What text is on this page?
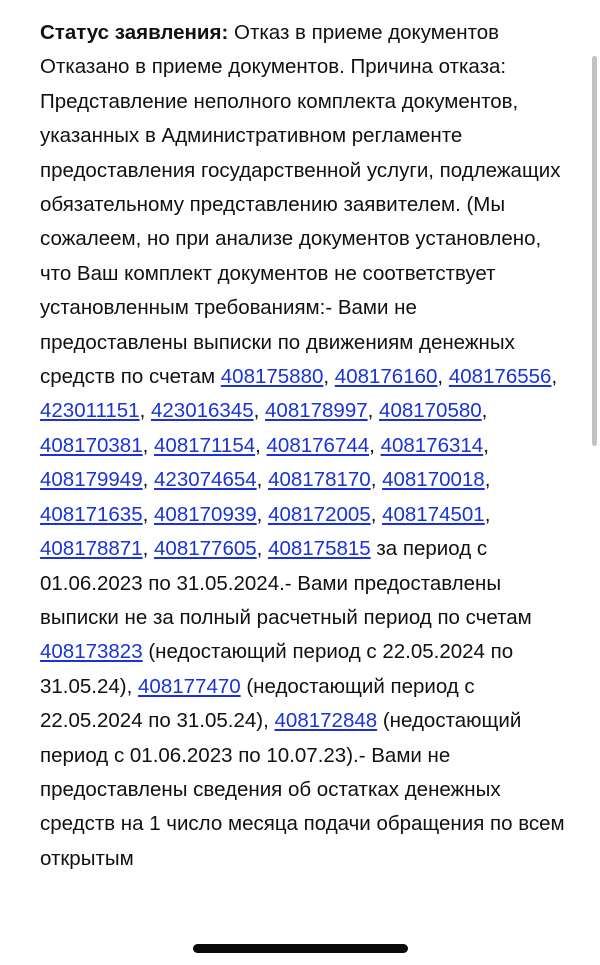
Статус заявления: Отказ в приеме документов Отказано в приеме документов. Причина отказа: Представление неполного комплекта документов, указанных в Административном регламенте предоставления государственной услуги, подлежащих обязательному представлению заявителем. (Мы сожалеем, но при анализе документов установлено, что Ваш комплект документов не соответствует установленным требованиям:- Вами не предоставлены выписки по движениям денежных средств по счетам 408175880, 408176160, 408176556, 423011151, 423016345, 408178997, 408170580, 408170381, 408171154, 408176744, 408176314, 408179949, 423074654, 408178170, 408170018, 408171635, 408170939, 408172005, 408174501, 408178871, 408177605, 408175815 за период с 01.06.2023 по 31.05.2024.- Вами предоставлены выписки не за полный расчетный период по счетам 408173823 (недостающий период с 22.05.2024 по 31.05.24), 408177470 (недостающий период с 22.05.2024 по 31.05.24), 408172848 (недостающий период с 01.06.2023 по 10.07.23).- Вами не предоставлены сведения об остатках денежных средств на 1 число месяца подачи обращения по всем открытым
